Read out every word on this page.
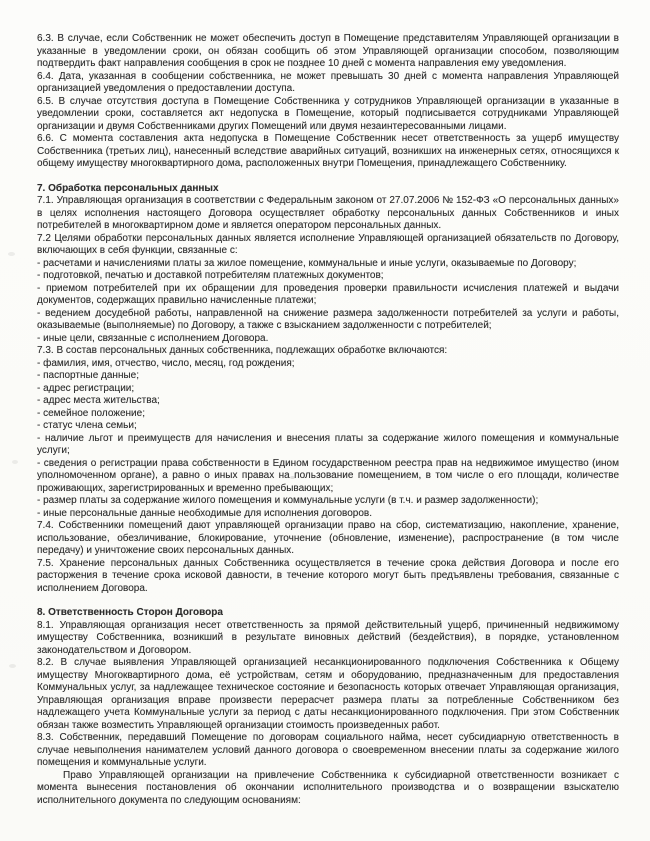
6.3. В случае, если Собственник не может обеспечить доступ в Помещение представителям Управляющей организации в указанные в уведомлении сроки, он обязан сообщить об этом Управляющей организации способом, позволяющим подтвердить факт направления сообщения в срок не позднее 10 дней с момента направления ему уведомления.

6.4. Дата, указанная в сообщении собственника, не может превышать 30 дней с момента направления Управляющей организацией уведомления о предоставлении доступа.

6.5. В случае отсутствия доступа в Помещение Собственника у сотрудников Управляющей организации в указанные в уведомлении сроки, составляется акт недопуска в Помещение, который подписывается сотрудниками Управляющей организации и двумя Собственниками других Помещений или двумя незаинтересованными лицами.

6.6. С момента составления акта недопуска в Помещение Собственник несет ответственность за ущерб имуществу Собственника (третьих лиц), нанесенный вследствие аварийных ситуаций, возникших на инженерных сетях, относящихся к общему имуществу многоквартирного дома, расположенных внутри Помещения, принадлежащего Собственнику.

7. Обработка персональных данных

7.1. Управляющая организация в соответствии с Федеральным законом от 27.07.2006 № 152-ФЗ «О персональных данных» в целях исполнения настоящего Договора осуществляет обработку персональных данных Собственников и иных потребителей в многоквартирном доме и является оператором персональных данных.

7.2 Целями обработки персональных данных является исполнение Управляющей организацией обязательств по Договору, включающих в себя функции, связанные с:

- расчетами и начислениями платы за жилое помещение, коммунальные и иные услуги, оказываемые по Договору;

- подготовкой, печатью и доставкой потребителям платежных документов;

- приемом потребителей при их обращении для проведения проверки правильности исчисления платежей и выдачи документов, содержащих правильно начисленные платежи;

- ведением досудебной работы, направленной на снижение размера задолженности потребителей за услуги и работы, оказываемые (выполняемые) по Договору, а также с взысканием задолженности с потребителей;

- иные цели, связанные с исполнением Договора.

7.3. В состав персональных данных собственника, подлежащих обработке включаются:

- фамилия, имя, отчество, число, месяц, год рождения;

- паспортные данные;

- адрес регистрации;

- адрес места жительства;

- семейное положение;

- статус члена семьи;

- наличие льгот и преимуществ для начисления и внесения платы за содержание жилого помещения и коммунальные услуги;

- сведения о регистрации права собственности в Едином государственном реестра прав на недвижимое имущество (ином уполномоченном органе), а равно о иных правах на пользование помещением, в том числе о его площади, количестве проживающих, зарегистрированных и временно пребывающих;

- размер платы за содержание жилого помещения и коммунальные услуги (в т.ч. и размер задолженности);

- иные персональные данные необходимые для исполнения договоров.

7.4. Собственники помещений дают управляющей организации право на сбор, систематизацию, накопление, хранение, использование, обезличивание, блокирование, уточнение (обновление, изменение), распространение (в том числе передачу) и уничтожение своих персональных данных.

7.5. Хранение персональных данных Собственника осуществляется в течение срока действия Договора и после его расторжения в течение срока исковой давности, в течение которого могут быть предъявлены требования, связанные с исполнением Договора.

8. Ответственность Сторон Договора

8.1. Управляющая организация несет ответственность за прямой действительный ущерб, причиненный недвижимому имуществу Собственника, возникший в результате виновных действий (бездействия), в порядке, установленном законодательством и Договором.

8.2. В случае выявления Управляющей организацией несанкционированного подключения Собственника к Общему имуществу Многоквартирного дома, её устройствам, сетям и оборудованию, предназначенным для предоставления Коммунальных услуг, за надлежащее техническое состояние и безопасность которых отвечает Управляющая организация, Управляющая организация вправе произвести перерасчет размера платы за потребленные Собственником без надлежащего учета Коммунальные услуги за период с даты несанкционированного подключения. При этом Собственник обязан также возместить Управляющей организации стоимость произведенных работ.

8.3. Собственник, передавший Помещение по договорам социального найма, несет субсидиарную ответственность в случае невыполнения нанимателем условий данного договора о своевременном внесении платы за содержание жилого помещения и коммунальные услуги.

Право Управляющей организации на привлечение Собственника к субсидиарной ответственности возникает с момента вынесения постановления об окончании исполнительного производства и о возвращении взыскателю исполнительного документа по следующим основаниям:
